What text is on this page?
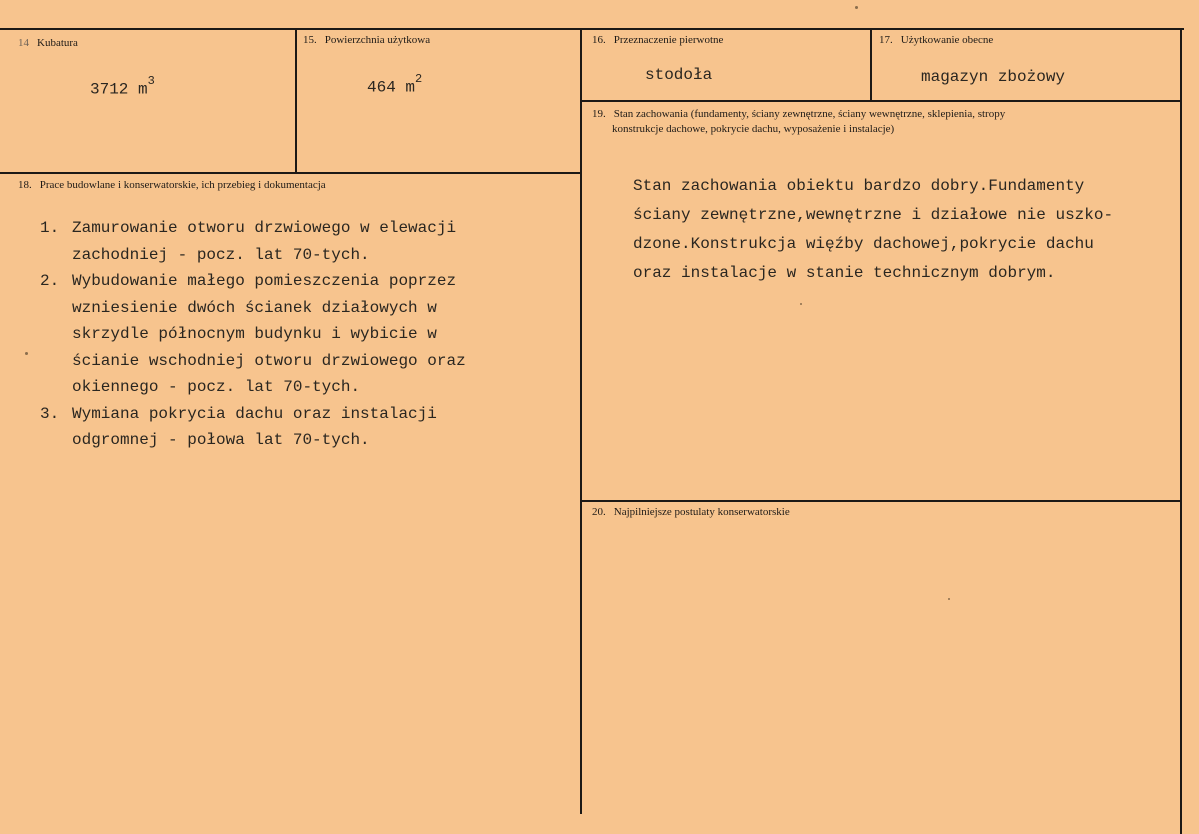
14 Kubatura
3712 $m^3$
15. Powierzchnia użytkowa
464 $m^2$
16. Przeznaczenie pierwotne
stodoła
17. Użytkowanie obecne
magazyn zbożowy
18. Prace budowlane i konserwatorskie, ich przebieg i dokumentacja
1. Zamurowanie otworu drzwiowego w elewacji
zachodniej - pocz. lat 70-tych.
2. Wybudowanie małego pomieszczenia poprzez
wzniesienie dwóch ścianek działowych w
skrzydle północnym budynku i wybicie w
ścianie wschodniej otworu drzwiowego oraz
okiennego - pocz. lat 70-tych.
3. Wymiana pokrycia dachu oraz instalacji
odgromnej - połowa lat 70-tych.
19. Stan zachowania (fundamenty, ściany zewnętrzne, ściany wewnętrzne, sklepienia, stropy
konstrukcje dachowe, pokrycie dachu, wyposażenie i instalacje)
Stan zachowania obiektu bardzo dobry.Fundamenty
ściany zewnętrzne,wewnętrzne i działowe nie uszko-
dzone.Konstrukcja więźby dachowej,pokrycie dachu
oraz instalacje w stanie technicznym dobrym.
20. Najpilniejsze postulaty konserwatorskie
